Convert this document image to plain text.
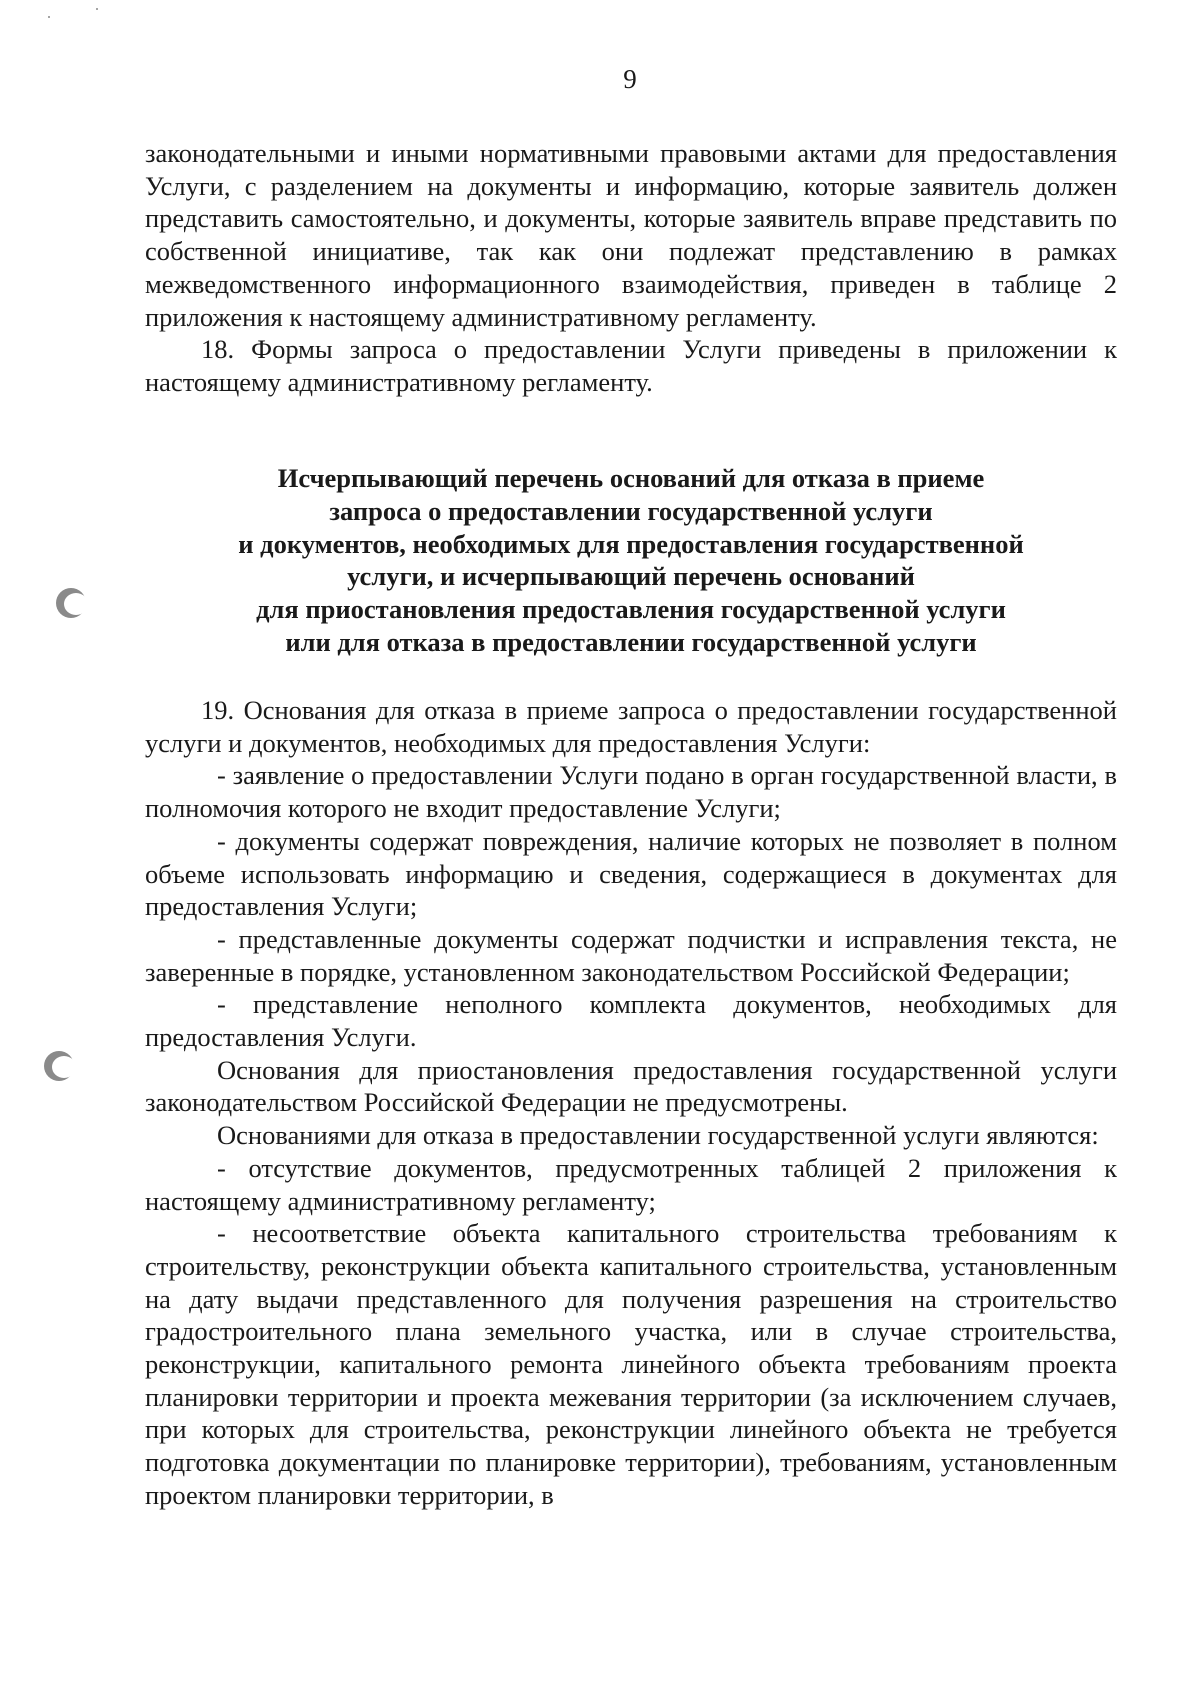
9

законодательными и иными нормативными правовыми актами для предоставления Услуги, с разделением на документы и информацию, которые заявитель должен представить самостоятельно, и документы, которые заявитель вправе представить по собственной инициативе, так как они подлежат представлению в рамках межведомственного информационного взаимодействия, приведен в таблице 2 приложения к настоящему административному регламенту.

18. Формы запроса о предоставлении Услуги приведены в приложении к настоящему административному регламенту.

Исчерпывающий перечень оснований для отказа в приеме
запроса о предоставлении государственной услуги
и документов, необходимых для предоставления государственной
услуги, и исчерпывающий перечень оснований
для приостановления предоставления государственной услуги
или для отказа в предоставлении государственной услуги

19. Основания для отказа в приеме запроса о предоставлении государственной услуги и документов, необходимых для предоставления Услуги:

- заявление о предоставлении Услуги подано в орган государственной власти, в полномочия которого не входит предоставление Услуги;

- документы содержат повреждения, наличие которых не позволяет в полном объеме использовать информацию и сведения, содержащиеся в документах для предоставления Услуги;

- представленные документы содержат подчистки и исправления текста, не заверенные в порядке, установленном законодательством Российской Федерации;

- представление неполного комплекта документов, необходимых для предоставления Услуги.

Основания для приостановления предоставления государственной услуги законодательством Российской Федерации не предусмотрены.

Основаниями для отказа в предоставлении государственной услуги являются:

- отсутствие документов, предусмотренных таблицей 2 приложения к настоящему административному регламенту;

- несоответствие объекта капитального строительства требованиям к строительству, реконструкции объекта капитального строительства, установленным на дату выдачи представленного для получения разрешения на строительство градостроительного плана земельного участка, или в случае строительства, реконструкции, капитального ремонта линейного объекта требованиям проекта планировки территории и проекта межевания территории (за исключением случаев, при которых для строительства, реконструкции линейного объекта не требуется подготовка документации по планировке территории), требованиям, установленным проектом планировки территории, в
